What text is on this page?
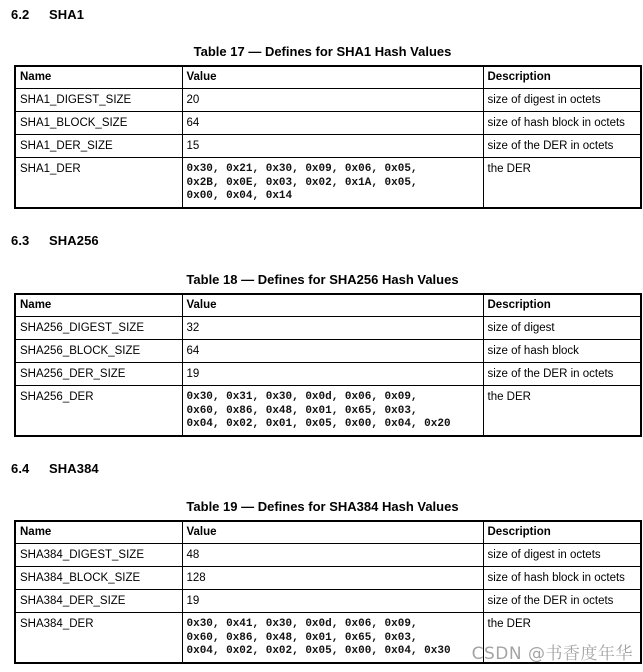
6.2 SHA1
Table 17 — Defines for SHA1 Hash Values
Name	Value	Description
SHA1_DIGEST_SIZE	20	size of digest in octets
SHA1_BLOCK_SIZE	64	size of hash block in octets
SHA1_DER_SIZE	15	size of the DER in octets
SHA1_DER	0x30, 0x21, 0x30, 0x09, 0x06, 0x05,
0x2B, 0x0E, 0x03, 0x02, 0x1A, 0x05,
0x00, 0x04, 0x14	the DER
6.3 SHA256
Table 18 — Defines for SHA256 Hash Values
Name	Value	Description
SHA256_DIGEST_SIZE	32	size of digest
SHA256_BLOCK_SIZE	64	size of hash block
SHA256_DER_SIZE	19	size of the DER in octets
SHA256_DER	0x30, 0x31, 0x30, 0x0d, 0x06, 0x09,
0x60, 0x86, 0x48, 0x01, 0x65, 0x03,
0x04, 0x02, 0x01, 0x05, 0x00, 0x04, 0x20	the DER
6.4 SHA384
Table 19 — Defines for SHA384 Hash Values
Name	Value	Description
SHA384_DIGEST_SIZE	48	size of digest in octets
SHA384_BLOCK_SIZE	128	size of hash block in octets
SHA384_DER_SIZE	19	size of the DER in octets
SHA384_DER	0x30, 0x41, 0x30, 0x0d, 0x06, 0x09,
0x60, 0x86, 0x48, 0x01, 0x65, 0x03,
0x04, 0x02, 0x02, 0x05, 0x00, 0x04, 0x30	the DER
CSDN @书香度年华
